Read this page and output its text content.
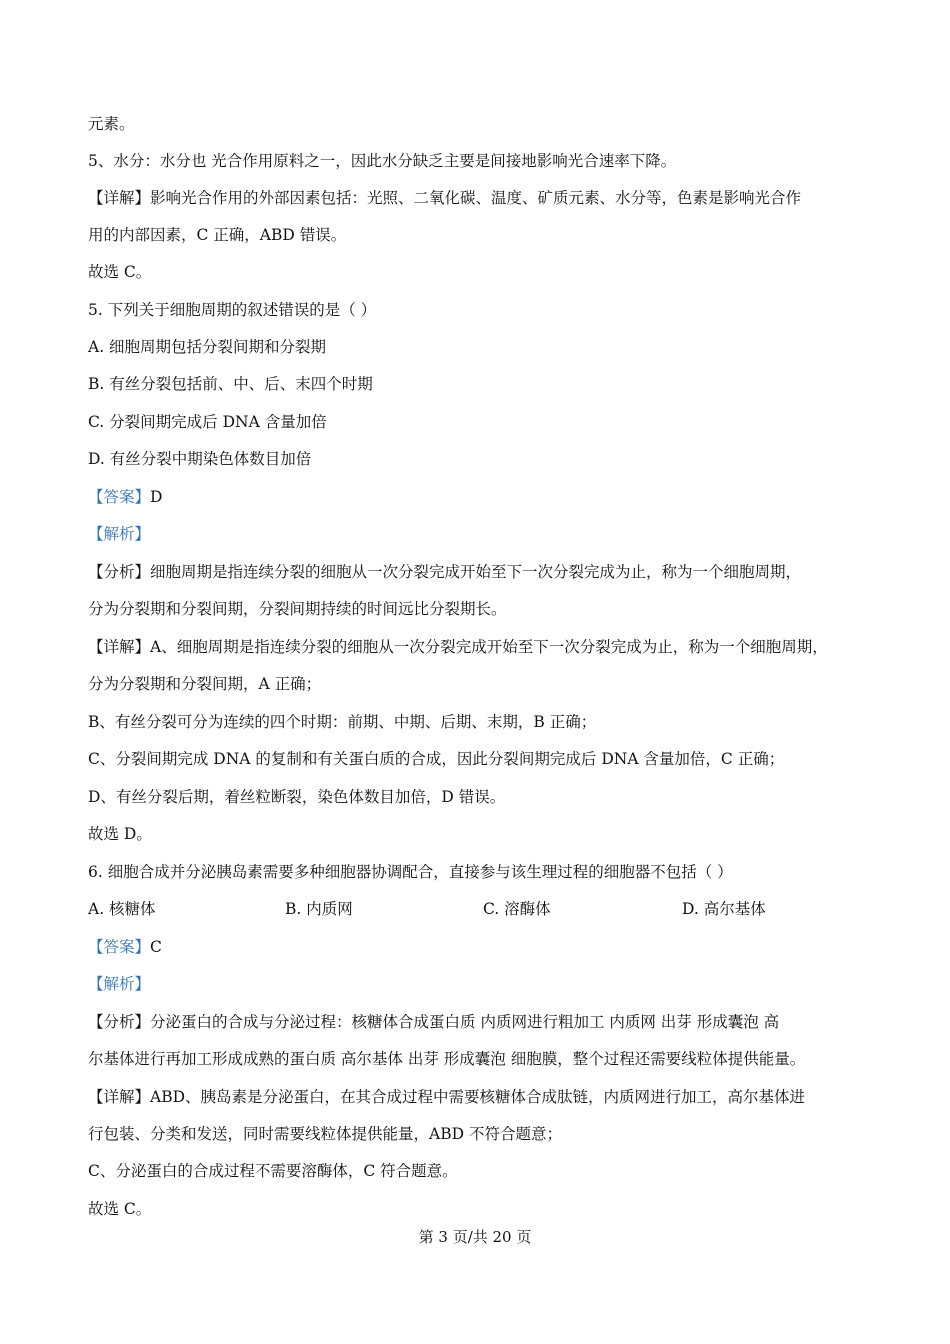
元素。
5、水分：水分也 光合作用原料之一，因此水分缺乏主要是间接地影响光合速率下降。
【详解】影响光合作用的外部因素包括：光照、二氧化碳、温度、矿质元素、水分等，色素是影响光合作
用的内部因素，C 正确，ABD 错误。
故选 C。
5. 下列关于细胞周期的叙述错误的是（ ）
A. 细胞周期包括分裂间期和分裂期
B. 有丝分裂包括前、中、后、末四个时期
C. 分裂间期完成后 DNA 含量加倍
D. 有丝分裂中期染色体数目加倍
【答案】D
【解析】
【分析】细胞周期是指连续分裂的细胞从一次分裂完成开始至下一次分裂完成为止，称为一个细胞周期，
分为分裂期和分裂间期，分裂间期持续的时间远比分裂期长。
【详解】A、细胞周期是指连续分裂的细胞从一次分裂完成开始至下一次分裂完成为止，称为一个细胞周期，
分为分裂期和分裂间期，A 正确；
B、有丝分裂可分为连续的四个时期：前期、中期、后期、末期，B 正确；
C、分裂间期完成 DNA 的复制和有关蛋白质的合成，因此分裂间期完成后 DNA 含量加倍，C 正确；
D、有丝分裂后期，着丝粒断裂，染色体数目加倍，D 错误。
故选 D。
6. 细胞合成并分泌胰岛素需要多种细胞器协调配合，直接参与该生理过程的细胞器不包括（ ）
A. 核糖体	B. 内质网	C. 溶酶体	D. 高尔基体
【答案】C
【解析】
【分析】分泌蛋白的合成与分泌过程：核糖体合成蛋白质 内质网进行粗加工 内质网 出芽 形成囊泡 高
尔基体进行再加工形成成熟的蛋白质 高尔基体 出芽 形成囊泡 细胞膜，整个过程还需要线粒体提供能量。
【详解】ABD、胰岛素是分泌蛋白，在其合成过程中需要核糖体合成肽链，内质网进行加工，高尔基体进
行包装、分类和发送，同时需要线粒体提供能量，ABD 不符合题意；
C、分泌蛋白的合成过程不需要溶酶体，C 符合题意。
故选 C。
第 3 页/共 20 页
